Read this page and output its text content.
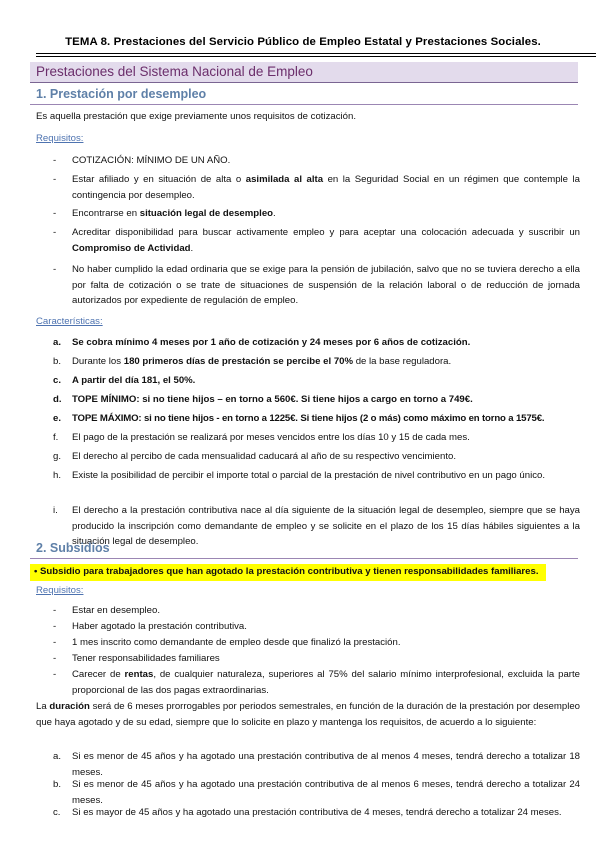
TEMA 8. Prestaciones del Servicio Público de Empleo Estatal y Prestaciones Sociales.
Prestaciones del Sistema Nacional de Empleo
1. Prestación por desempleo
Es aquella prestación que exige previamente unos requisitos de cotización.
Requisitos:
- COTIZACIÓN: MÍNIMO DE UN AÑO.
- Estar afiliado y en situación de alta o asimilada al alta en la Seguridad Social en un régimen que contemple la contingencia por desempleo.
- Encontrarse en situación legal de desempleo.
- Acreditar disponibilidad para buscar activamente empleo y para aceptar una colocación adecuada y suscribir un Compromiso de Actividad.
- No haber cumplido la edad ordinaria que se exige para la pensión de jubilación, salvo que no se tuviera derecho a ella por falta de cotización o se trate de situaciones de suspensión de la relación laboral o de reducción de jornada autorizados por expediente de regulación de empleo.
Características:
a. Se cobra mínimo 4 meses por 1 año de cotización y 24 meses por 6 años de cotización.
b. Durante los 180 primeros días de prestación se percibe el 70% de la base reguladora.
c. A partir del día 181, el 50%.
d. TOPE MÍNIMO: si no tiene hijos – en torno a 560€. Si tiene hijos a cargo en torno a 749€.
e. TOPE MÁXIMO: si no tiene hijos - en torno a 1225€. Si tiene hijos (2 o más) como máximo en torno a 1575€.
f. El pago de la prestación se realizará por meses vencidos entre los días 10 y 15 de cada mes.
g. El derecho al percibo de cada mensualidad caducará al año de su respectivo vencimiento.
h. Existe la posibilidad de percibir el importe total o parcial de la prestación de nivel contributivo en un pago único.
i. El derecho a la prestación contributiva nace al día siguiente de la situación legal de desempleo, siempre que se haya producido la inscripción como demandante de empleo y se solicite en el plazo de los 15 días hábiles siguientes a la situación legal de desempleo.
2. Subsidios
• Subsidio para trabajadores que han agotado la prestación contributiva y tienen responsabilidades familiares.
Requisitos:
- Estar en desempleo.
- Haber agotado la prestación contributiva.
- 1 mes inscrito como demandante de empleo desde que finalizó la prestación.
- Tener responsabilidades familiares
- Carecer de rentas, de cualquier naturaleza, superiores al 75% del salario mínimo interprofesional, excluida la parte proporcional de las dos pagas extraordinarias.
La duración será de 6 meses prorrogables por periodos semestrales, en función de la duración de la prestación por desempleo que haya agotado y de su edad, siempre que lo solicite en plazo y mantenga los requisitos, de acuerdo a lo siguiente:
a. Si es menor de 45 años y ha agotado una prestación contributiva de al menos 4 meses, tendrá derecho a totalizar 18 meses.
b. Si es menor de 45 años y ha agotado una prestación contributiva de al menos 6 meses, tendrá derecho a totalizar 24 meses.
c. Si es mayor de 45 años y ha agotado una prestación contributiva de 4 meses, tendrá derecho a totalizar 24 meses.
